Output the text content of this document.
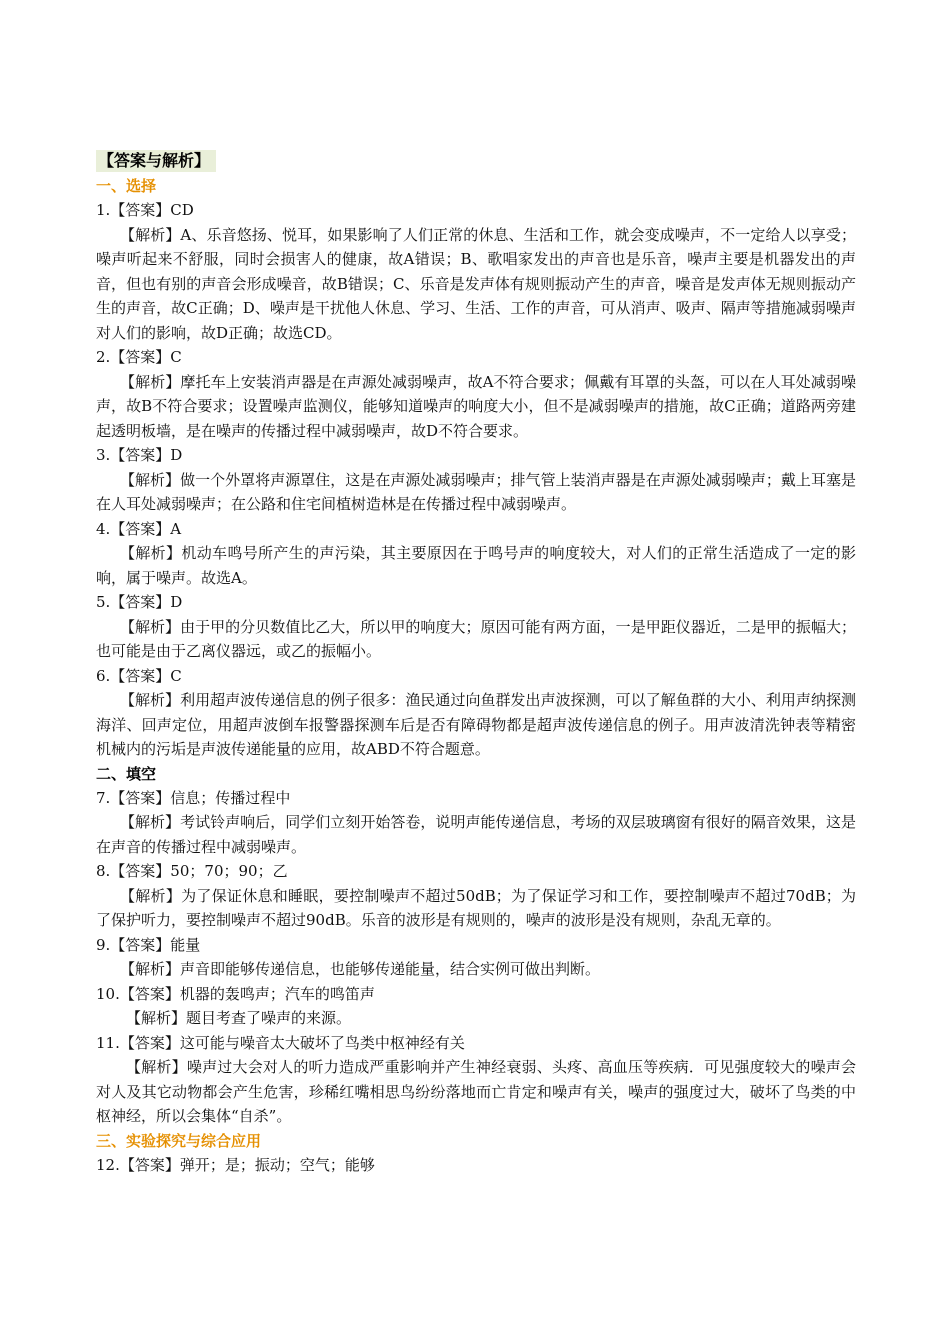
【答案与解析】
一、选择
1.【答案】CD
【解析】A、乐音悠扬、悦耳，如果影响了人们正常的休息、生活和工作，就会变成噪声，不一定给人以享受；噪声听起来不舒服，同时会损害人的健康，故A错误；B、歌唱家发出的声音也是乐音，噪声主要是机器发出的声音，但也有别的声音会形成噪音，故B错误；C、乐音是发声体有规则振动产生的声音，噪音是发声体无规则振动产生的声音，故C正确；D、噪声是干扰他人休息、学习、生活、工作的声音，可从消声、吸声、隔声等措施减弱噪声对人们的影响，故D正确；故选CD。
2.【答案】C
【解析】摩托车上安装消声器是在声源处减弱噪声，故A不符合要求；佩戴有耳罩的头盔，可以在人耳处减弱噪声，故B不符合要求；设置噪声监测仪，能够知道噪声的响度大小，但不是减弱噪声的措施，故C正确；道路两旁建起透明板墙，是在噪声的传播过程中减弱噪声，故D不符合要求。
3.【答案】D
【解析】做一个外罩将声源罩住，这是在声源处减弱噪声；排气管上装消声器是在声源处减弱噪声；戴上耳塞是在人耳处减弱噪声；在公路和住宅间植树造林是在传播过程中减弱噪声。
4.【答案】A
【解析】机动车鸣号所产生的声污染，其主要原因在于鸣号声的响度较大，对人们的正常生活造成了一定的影响，属于噪声。故选A。
5.【答案】D
【解析】由于甲的分贝数值比乙大，所以甲的响度大；原因可能有两方面，一是甲距仪器近，二是甲的振幅大；也可能是由于乙离仪器远，或乙的振幅小。
6.【答案】C
【解析】利用超声波传递信息的例子很多：渔民通过向鱼群发出声波探测，可以了解鱼群的大小、利用声纳探测海洋、回声定位，用超声波倒车报警器探测车后是否有障碍物都是超声波传递信息的例子。用声波清洗钟表等精密机械内的污垢是声波传递能量的应用，故ABD不符合题意。
二、填空
7.【答案】信息；传播过程中
【解析】考试铃声响后，同学们立刻开始答卷，说明声能传递信息，考场的双层玻璃窗有很好的隔音效果，这是在声音的传播过程中减弱噪声。
8.【答案】50；70；90；乙
【解析】为了保证休息和睡眠，要控制噪声不超过50dB；为了保证学习和工作，要控制噪声不超过70dB；为了保护听力，要控制噪声不超过90dB。乐音的波形是有规则的，噪声的波形是没有规则，杂乱无章的。
9.【答案】能量
【解析】声音即能够传递信息，也能够传递能量，结合实例可做出判断。
10.【答案】机器的轰鸣声；汽车的鸣笛声
【解析】题目考查了噪声的来源。
11.【答案】这可能与噪音太大破坏了鸟类中枢神经有关
【解析】噪声过大会对人的听力造成严重影响并产生神经衰弱、头疼、高血压等疾病．可见强度较大的噪声会对人及其它动物都会产生危害，珍稀红嘴相思鸟纷纷落地而亡肯定和噪声有关，噪声的强度过大，破坏了鸟类的中枢神经，所以会集体“自杀”。
三、实验探究与综合应用
12.【答案】弹开；是；振动；空气；能够
